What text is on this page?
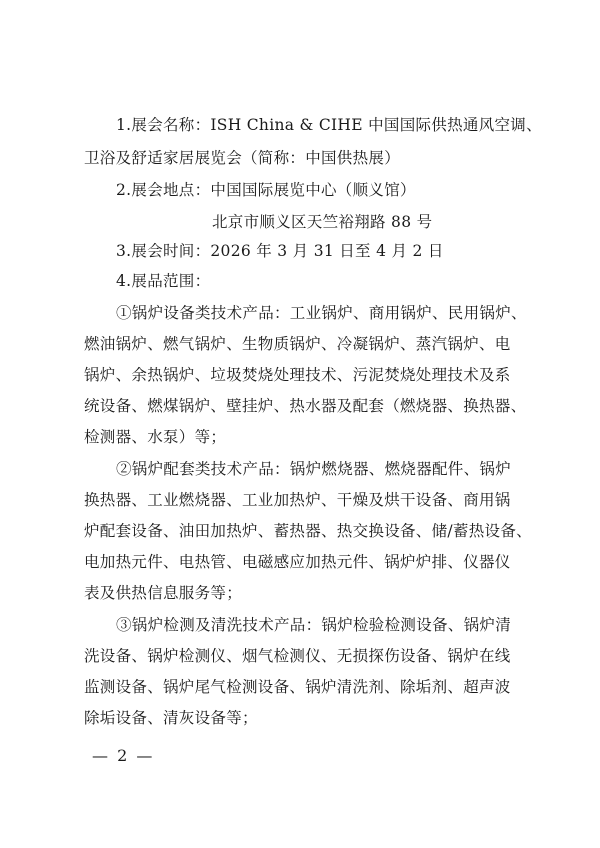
1.展会名称：ISH China & CIHE 中国国际供热通风空调、
卫浴及舒适家居展览会（简称：中国供热展）
2.展会地点：中国国际展览中心（顺义馆）
北京市顺义区天竺裕翔路 88 号
3.展会时间：2026 年 3 月 31 日至 4 月 2 日
4.展品范围：
①锅炉设备类技术产品：工业锅炉、商用锅炉、民用锅炉、
燃油锅炉、燃气锅炉、生物质锅炉、冷凝锅炉、蒸汽锅炉、电
锅炉、余热锅炉、垃圾焚烧处理技术、污泥焚烧处理技术及系
统设备、燃煤锅炉、壁挂炉、热水器及配套（燃烧器、换热器、
检测器、水泵）等；
②锅炉配套类技术产品：锅炉燃烧器、燃烧器配件、锅炉
换热器、工业燃烧器、工业加热炉、干燥及烘干设备、商用锅
炉配套设备、油田加热炉、蓄热器、热交换设备、储/蓄热设备、
电加热元件、电热管、电磁感应加热元件、锅炉炉排、仪器仪
表及供热信息服务等；
③锅炉检测及清洗技术产品：锅炉检验检测设备、锅炉清
洗设备、锅炉检测仪、烟气检测仪、无损探伤设备、锅炉在线
监测设备、锅炉尾气检测设备、锅炉清洗剂、除垢剂、超声波
除垢设备、清灰设备等；
— 2 —
